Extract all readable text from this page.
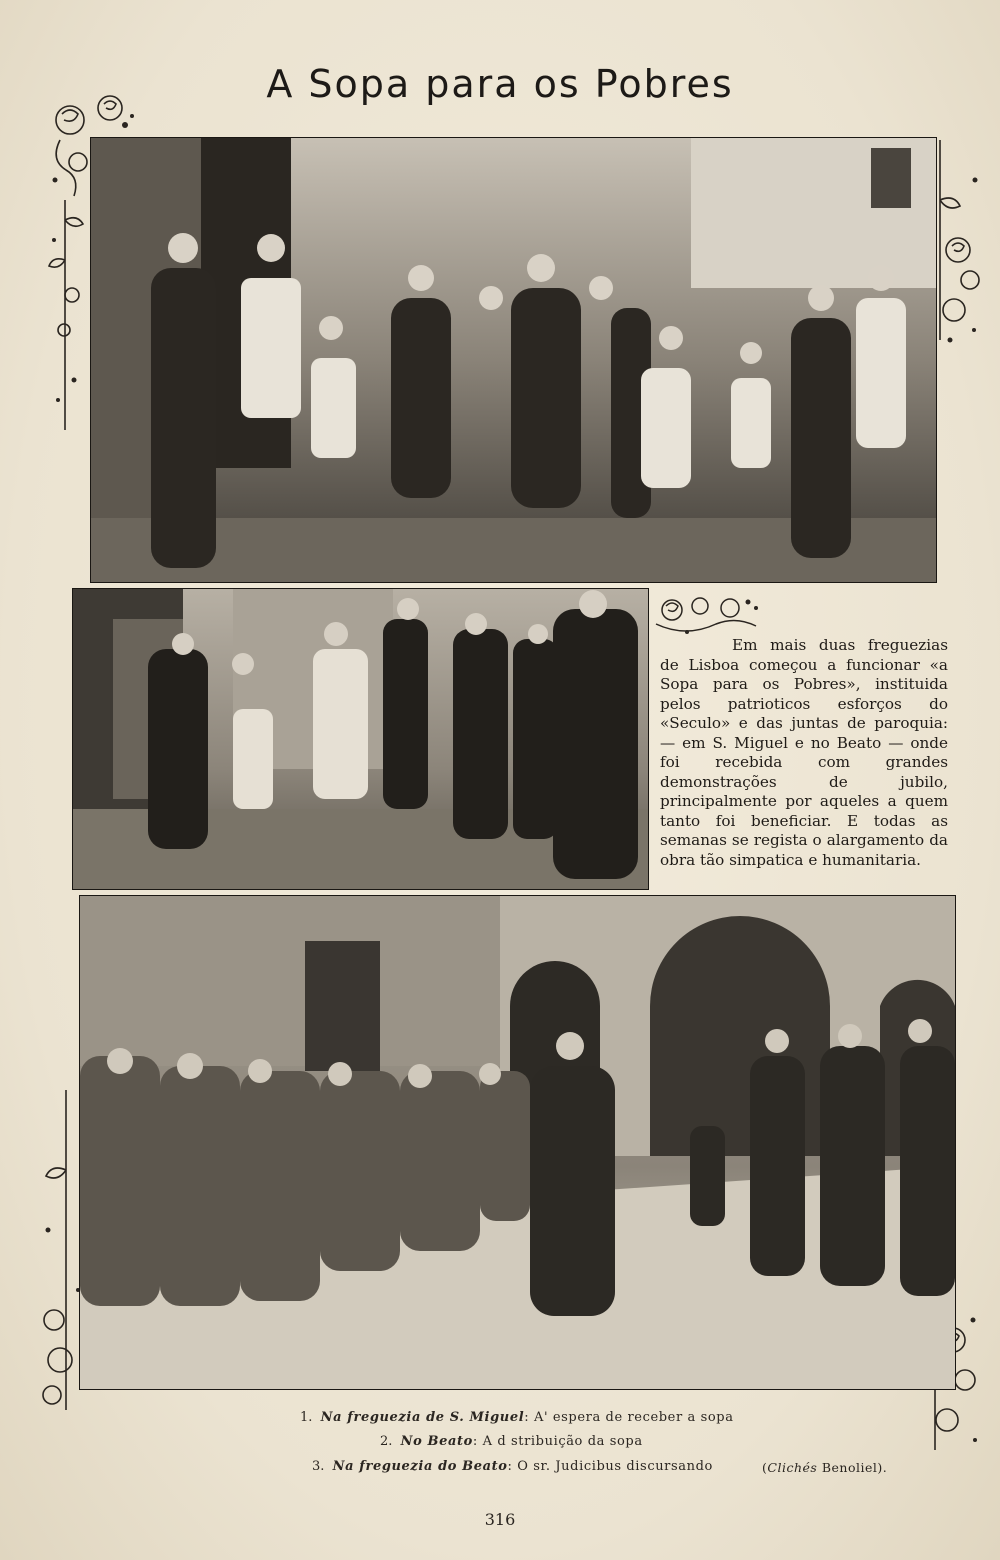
A Sopa para os Pobres
Em mais duas freguezias de Lisboa começou a funcionar «a Sopa para os Pobres», instituida pelos patrioticos esforços do «Seculo» e das juntas de paroquia: — em S. Miguel e no Beato — onde foi recebida com grandes demonstrações de jubilo, principalmente por aqueles a quem tanto foi beneficiar. E todas as semanas se regista o alargamento da obra tão simpatica e humanitaria.
1. Na freguezia de S. Miguel: A' espera de receber a sopa
2. No Beato: A d stribuição da sopa
3. Na freguezia do Beato: O sr. Judicibus discursando	(Clichés Benoliel).
316
